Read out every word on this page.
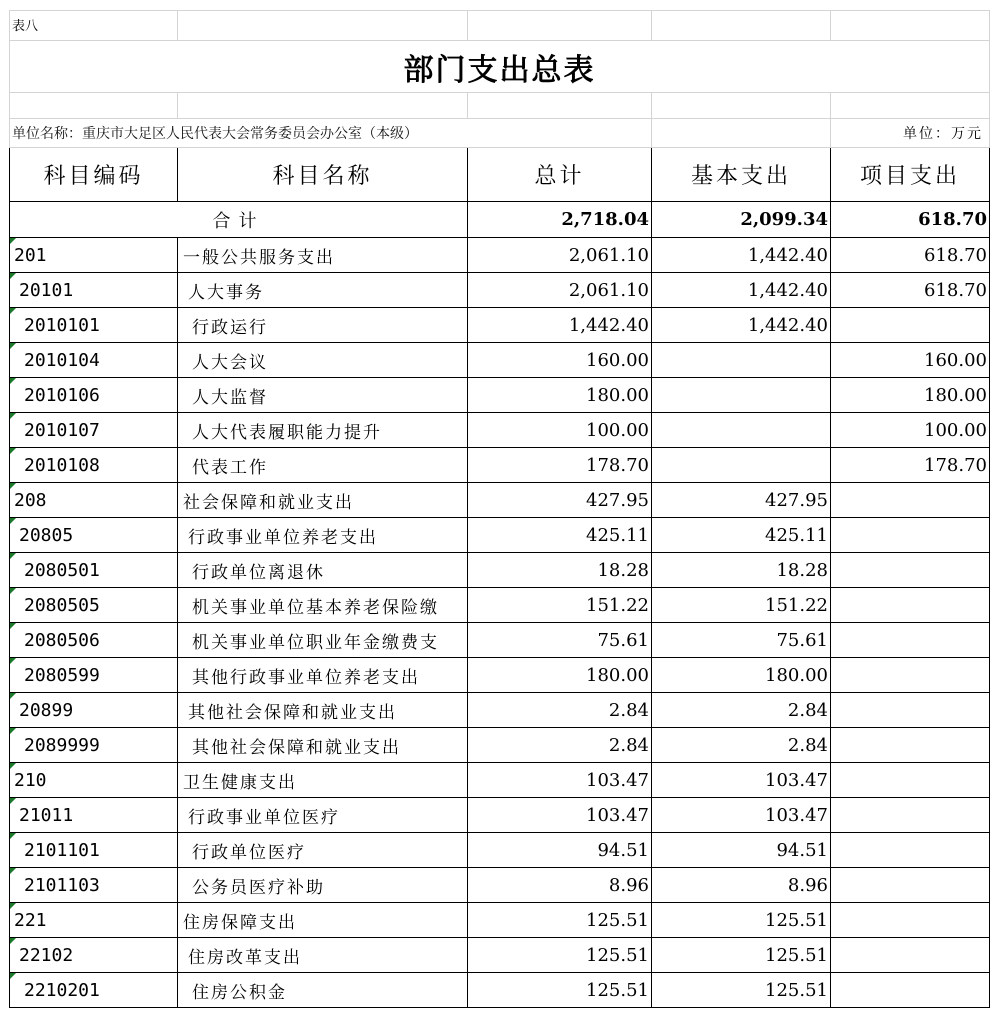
表八				
部门支出总表				

单位名称：重庆市大足区人民代表大会常务委员会办公室（本级）				单位：万元
科目编码	科目名称	总计	基本支出	项目支出
合计		2,718.04	2,099.34	618.70
201	一般公共服务支出	2,061.10	1,442.40	618.70
20101	人大事务	2,061.10	1,442.40	618.70
2010101	行政运行	1,442.40	1,442.40	
2010104	人大会议	160.00		160.00
2010106	人大监督	180.00		180.00
2010107	人大代表履职能力提升	100.00		100.00
2010108	代表工作	178.70		178.70
208	社会保障和就业支出	427.95	427.95	
20805	行政事业单位养老支出	425.11	425.11	
2080501	行政单位离退休	18.28	18.28	
2080505	机关事业单位基本养老保险缴	151.22	151.22	
2080506	机关事业单位职业年金缴费支	75.61	75.61	
2080599	其他行政事业单位养老支出	180.00	180.00	
20899	其他社会保障和就业支出	2.84	2.84	
2089999	其他社会保障和就业支出	2.84	2.84	
210	卫生健康支出	103.47	103.47	
21011	行政事业单位医疗	103.47	103.47	
2101101	行政单位医疗	94.51	94.51	
2101103	公务员医疗补助	8.96	8.96	
221	住房保障支出	125.51	125.51	
22102	住房改革支出	125.51	125.51	
2210201	住房公积金	125.51	125.51	
